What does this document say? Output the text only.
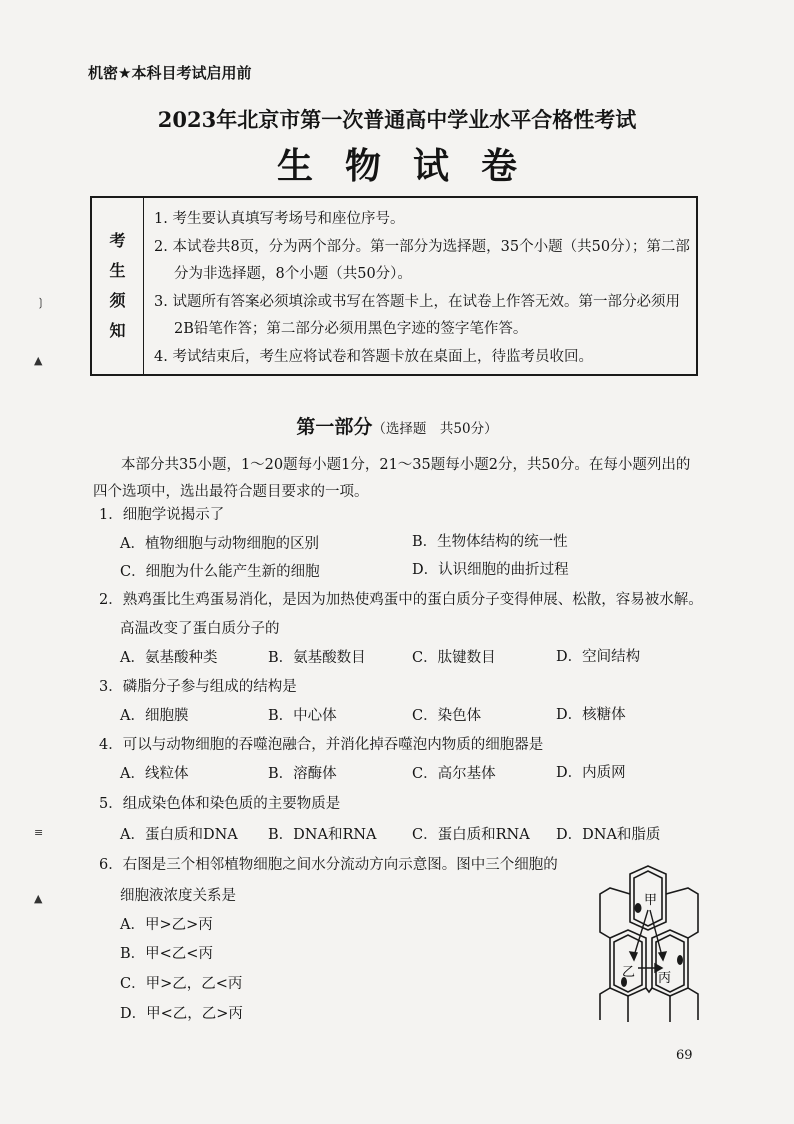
机密★本科目考试启用前
2023年北京市第一次普通高中学业水平合格性考试
生物试卷
考
生
须
知
1. 考生要认真填写考场号和座位序号。
2. 本试卷共8页，分为两个部分。第一部分为选择题，35个小题（共50分）；第二部分为非选择题，8个小题（共50分）。
3. 试题所有答案必须填涂或书写在答题卡上，在试卷上作答无效。第一部分必须用2B铅笔作答；第二部分必须用黑色字迹的签字笔作答。
4. 考试结束后，考生应将试卷和答题卡放在桌面上，待监考员收回。
❳
▲
≡
▲
第一部分（选择题　共50分）
本部分共35小题，1～20题每小题1分，21～35题每小题2分，共50分。在每小题列出的四个选项中，选出最符合题目要求的一项。
1．细胞学说揭示了
A．植物细胞与动物细胞的区别	B．生物体结构的统一性
C．细胞为什么能产生新的细胞	D．认识细胞的曲折过程
2．熟鸡蛋比生鸡蛋易消化，是因为加热使鸡蛋中的蛋白质分子变得伸展、松散，容易被水解。
高温改变了蛋白质分子的
A．氨基酸种类	B．氨基酸数目	C．肽键数目	D．空间结构
3．磷脂分子参与组成的结构是
A．细胞膜	B．中心体	C．染色体	D．核糖体
4．可以与动物细胞的吞噬泡融合，并消化掉吞噬泡内物质的细胞器是
A．线粒体	B．溶酶体	C．高尔基体	D．内质网
5．组成染色体和染色质的主要物质是
A．蛋白质和DNA B．DNA和RNA C．蛋白质和RNA D．DNA和脂质
6．右图是三个相邻植物细胞之间水分流动方向示意图。图中三个细胞的
细胞液浓度关系是
A．甲>乙>丙
B．甲<乙<丙
C．甲>乙，乙<丙
D．甲<乙，乙>丙
甲
乙 丙
69
